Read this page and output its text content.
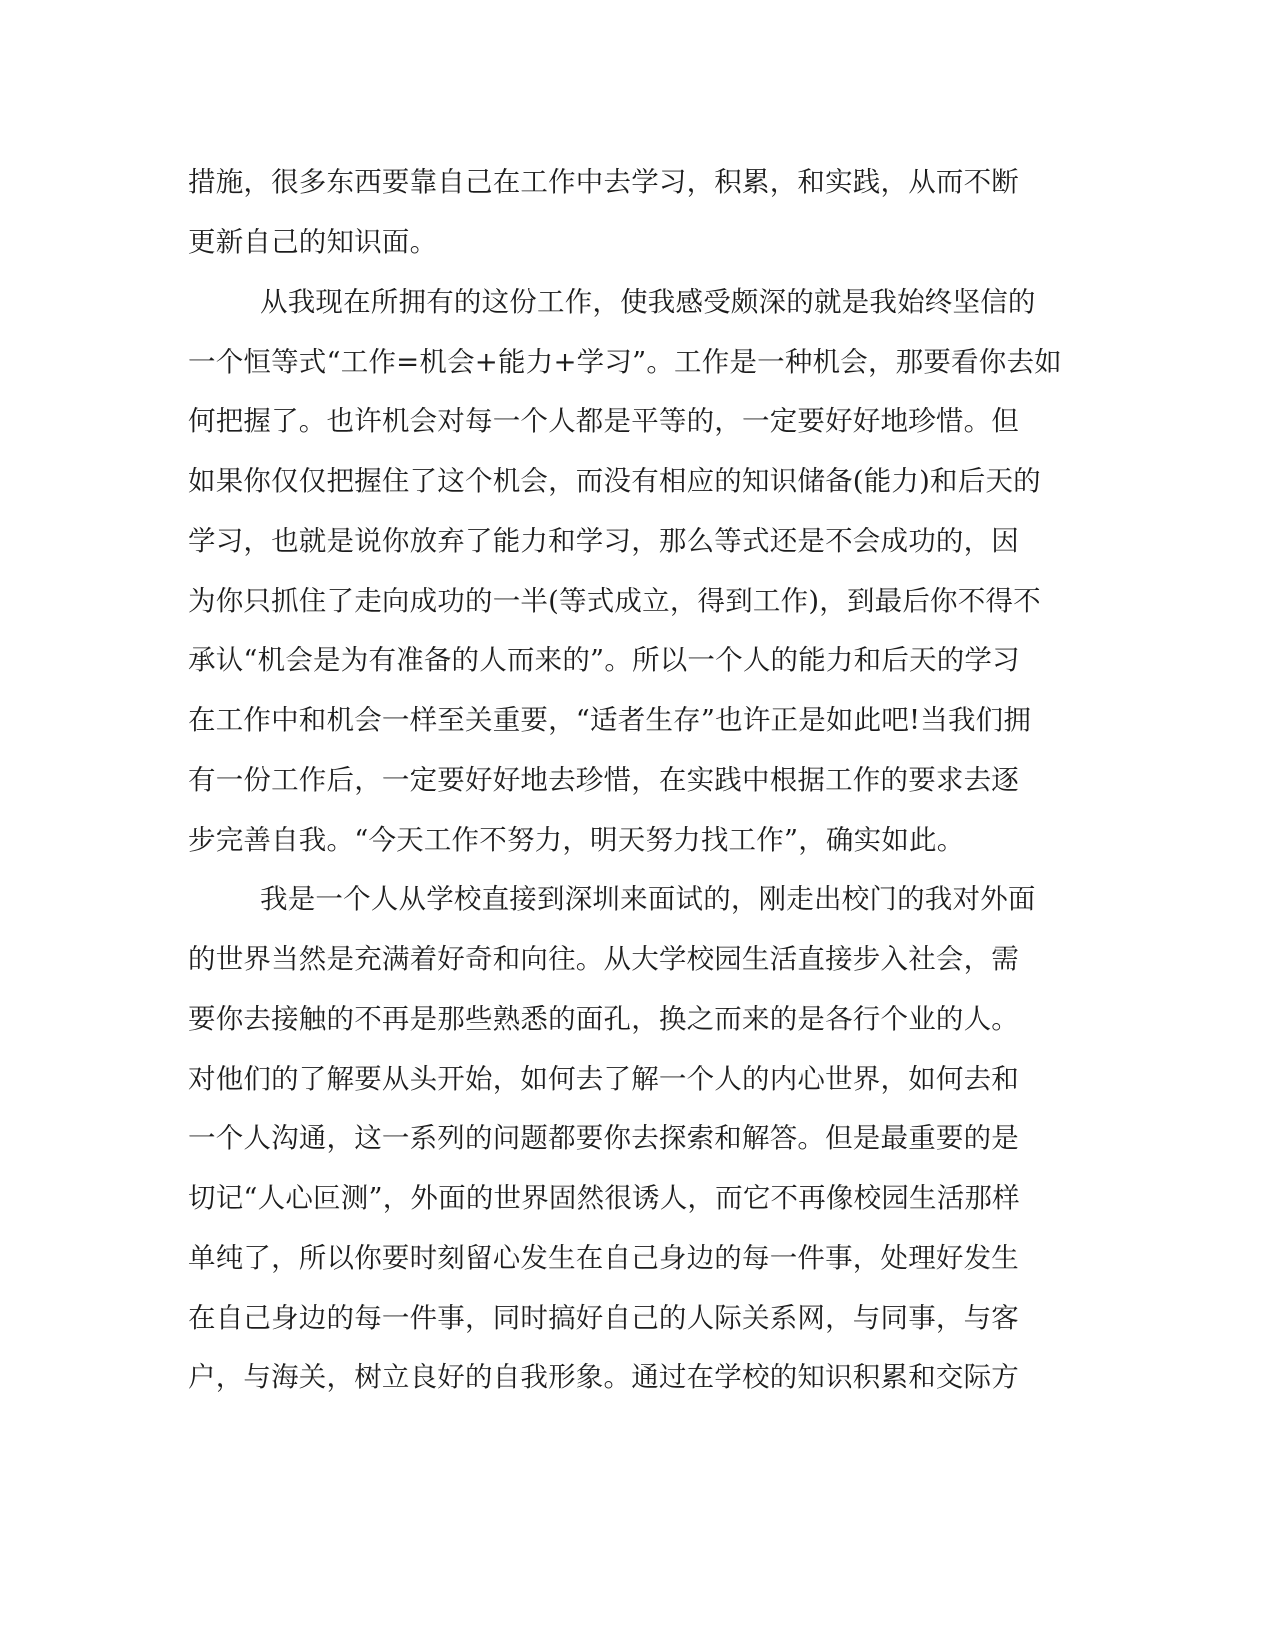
措施，很多东西要靠自己在工作中去学习，积累，和实践，从而不断
更新自己的知识面。
从我现在所拥有的这份工作，使我感受颇深的就是我始终坚信的
一个恒等式“工作=机会+能力+学习”。工作是一种机会，那要看你去如
何把握了。也许机会对每一个人都是平等的，一定要好好地珍惜。但
如果你仅仅把握住了这个机会，而没有相应的知识储备(能力)和后天的
学习，也就是说你放弃了能力和学习，那么等式还是不会成功的，因
为你只抓住了走向成功的一半(等式成立，得到工作)，到最后你不得不
承认“机会是为有准备的人而来的”。所以一个人的能力和后天的学习
在工作中和机会一样至关重要，“适者生存”也许正是如此吧!当我们拥
有一份工作后，一定要好好地去珍惜，在实践中根据工作的要求去逐
步完善自我。“今天工作不努力，明天努力找工作”，确实如此。
我是一个人从学校直接到深圳来面试的，刚走出校门的我对外面
的世界当然是充满着好奇和向往。从大学校园生活直接步入社会，需
要你去接触的不再是那些熟悉的面孔，换之而来的是各行个业的人。
对他们的了解要从头开始，如何去了解一个人的内心世界，如何去和
一个人沟通，这一系列的问题都要你去探索和解答。但是最重要的是
切记“人心叵测”，外面的世界固然很诱人，而它不再像校园生活那样
单纯了，所以你要时刻留心发生在自己身边的每一件事，处理好发生
在自己身边的每一件事，同时搞好自己的人际关系网，与同事，与客
户，与海关，树立良好的自我形象。通过在学校的知识积累和交际方
